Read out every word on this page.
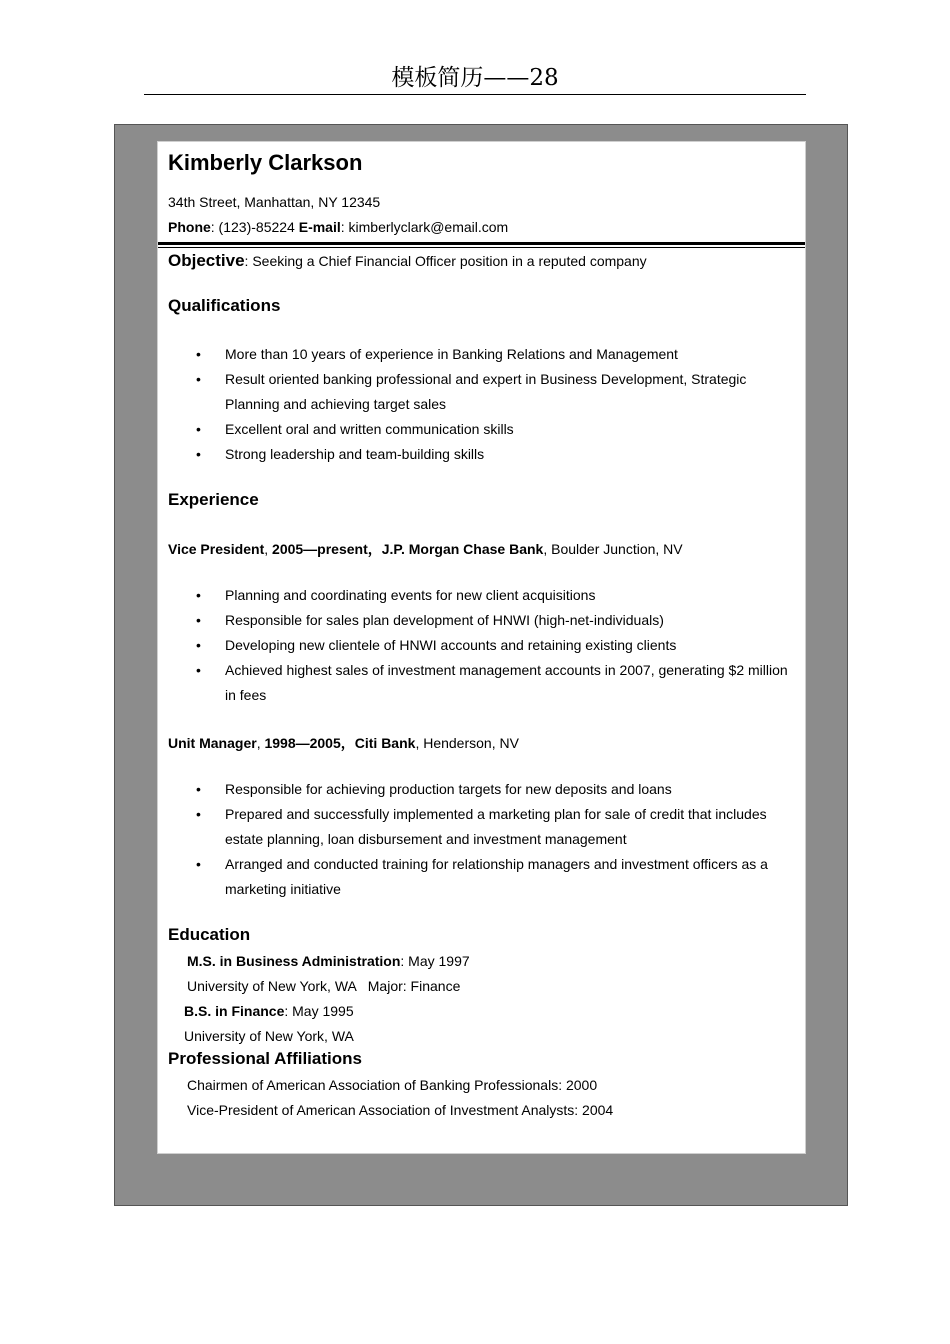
模板简历——28
Kimberly Clarkson
34th Street, Manhattan, NY 12345
Phone: (123)-85224 E-mail: kimberlyclark@email.com
Objective: Seeking a Chief Financial Officer position in a reputed company
Qualifications
• More than 10 years of experience in Banking Relations and Management
• Result oriented banking professional and expert in Business Development, Strategic Planning and achieving target sales
• Excellent oral and written communication skills
• Strong leadership and team-building skills
Experience
Vice President, 2005—present，J.P. Morgan Chase Bank, Boulder Junction, NV
• Planning and coordinating events for new client acquisitions
• Responsible for sales plan development of HNWI (high-net-individuals)
• Developing new clientele of HNWI accounts and retaining existing clients
• Achieved highest sales of investment management accounts in 2007, generating $2 million in fees
Unit Manager, 1998—2005，Citi Bank, Henderson, NV
• Responsible for achieving production targets for new deposits and loans
• Prepared and successfully implemented a marketing plan for sale of credit that includes estate planning, loan disbursement and investment management
• Arranged and conducted training for relationship managers and investment officers as a marketing initiative
Education
M.S. in Business Administration: May 1997
University of New York, WA   Major: Finance
B.S. in Finance: May 1995
University of New York, WA
Professional Affiliations
Chairmen of American Association of Banking Professionals: 2000
Vice-President of American Association of Investment Analysts: 2004
